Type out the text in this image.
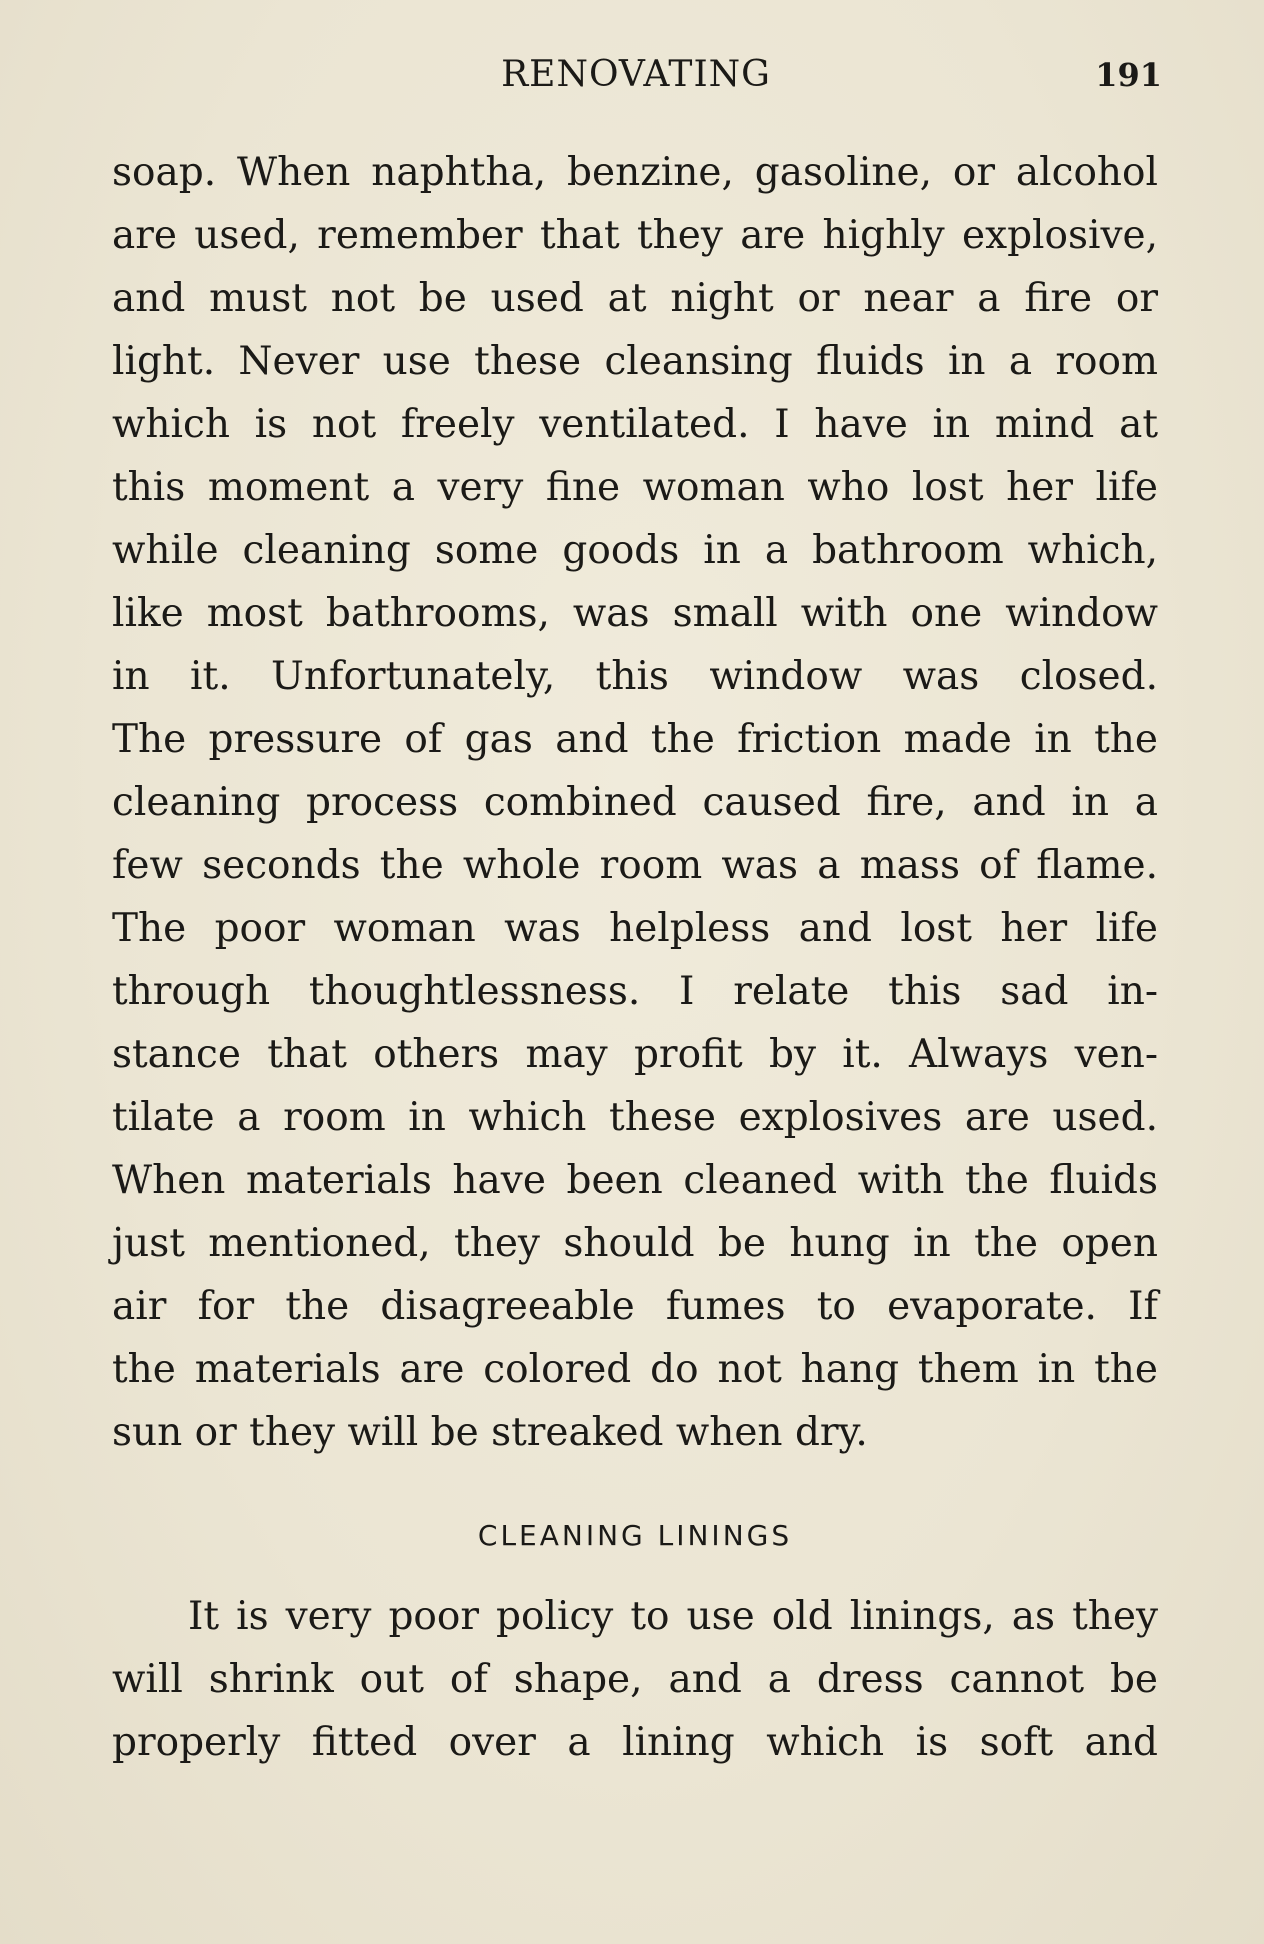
RENOVATING	191
soap. When naphtha, benzine, gasoline, or alcohol
are used, remember that they are highly explosive,
and must not be used at night or near a fire or
light. Never use these cleansing fluids in a room
which is not freely ventilated. I have in mind at
this moment a very fine woman who lost her life
while cleaning some goods in a bathroom which,
like most bathrooms, was small with one window
in it. Unfortunately, this window was closed.
The pressure of gas and the friction made in the
cleaning process combined caused fire, and in a
few seconds the whole room was a mass of flame.
The poor woman was helpless and lost her life
through thoughtlessness. I relate this sad in-
stance that others may profit by it. Always ven-
tilate a room in which these explosives are used.
When materials have been cleaned with the fluids
just mentioned, they should be hung in the open
air for the disagreeable fumes to evaporate. If
the materials are colored do not hang them in the
sun or they will be streaked when dry.
CLEANING LININGS
It is very poor policy to use old linings, as they
will shrink out of shape, and a dress cannot be
properly fitted over a lining which is soft and
